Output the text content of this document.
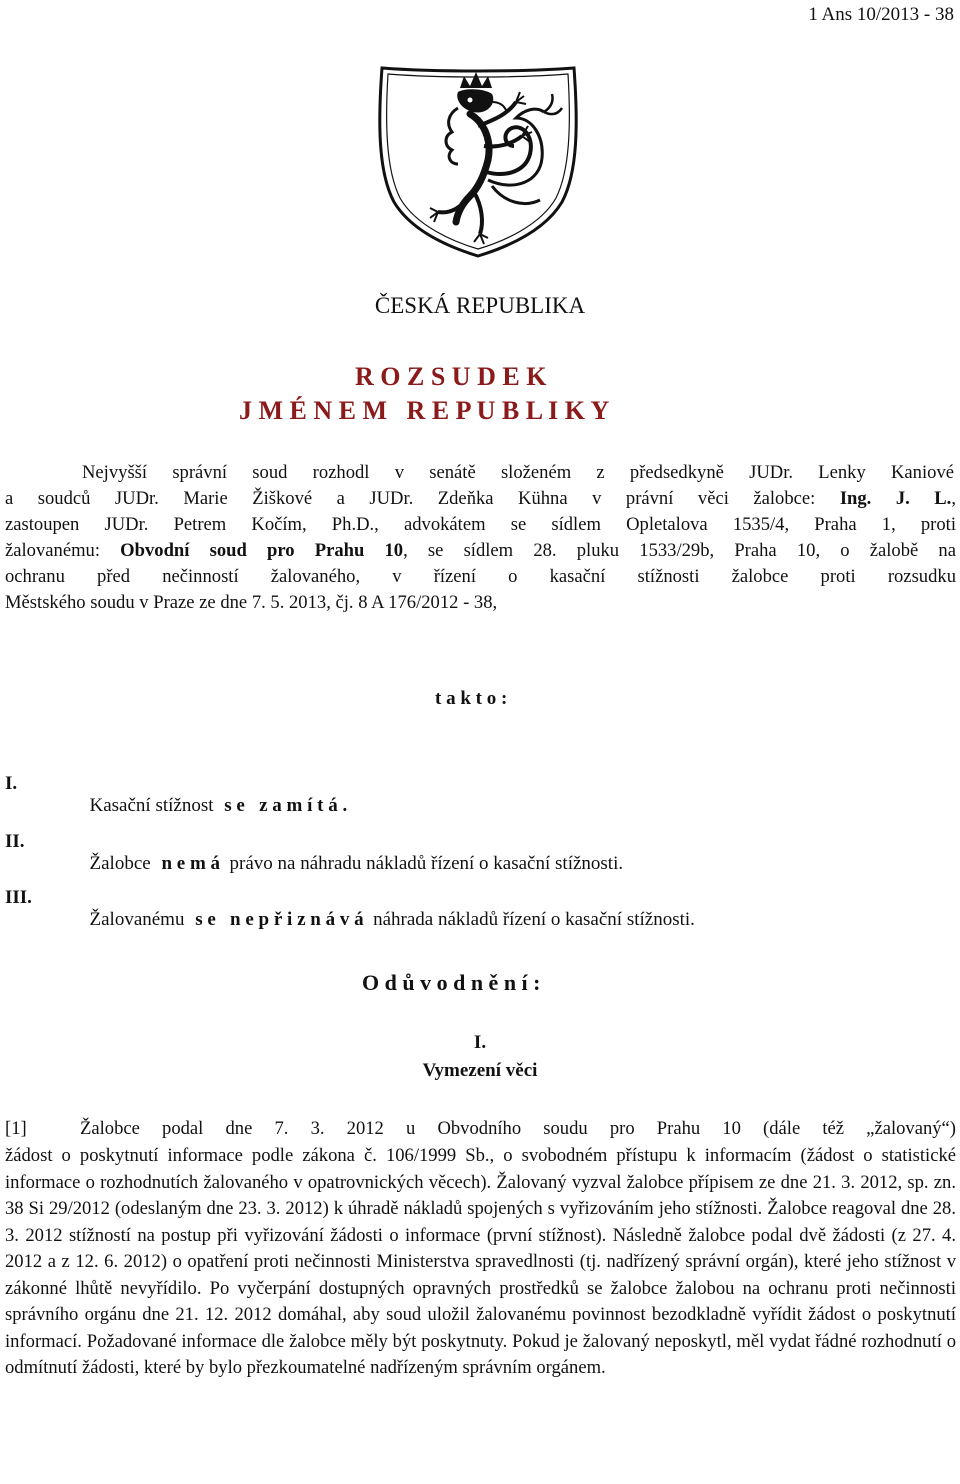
1 Ans 10/2013 - 38
ČESKÁ REPUBLIKA
R O Z S U D E K
J M É N E M   R E P U B L I K Y
Nejvyšší správní soud rozhodl v senátě složeném z předsedkyně JUDr. Lenky Kaniové
a soudců JUDr. Marie Žiškové a JUDr. Zdeňka Kühna v právní věci žalobce: Ing. J. L.,
zastoupen JUDr. Petrem Kočím, Ph.D., advokátem se sídlem Opletalova 1535/4, Praha 1, proti
žalovanému: Obvodní soud pro Prahu 10, se sídlem 28. pluku 1533/29b, Praha 10, o žalobě na
ochranu před nečinností žalovaného, v řízení o kasační stížnosti žalobce proti rozsudku
Městského soudu v Praze ze dne 7. 5. 2013, čj. 8 A 176/2012 - 38,
t a k t o :
I.

Kasační stížnost s e   z a m í t á .

II.

Žalobce n e m á  právo na náhradu nákladů řízení o kasační stížnosti.

III.

Žalovanému s e   n e p ř i z n á v á  náhrada nákladů řízení o kasační stížnosti.

O d ů v o d n ě n í :
I.
Vymezení věci
[1]	Žalobce podal dne 7. 3. 2012 u Obvodního soudu pro Prahu 10 (dále též „žalovaný“)

žádost o poskytnutí informace podle zákona č. 106/1999 Sb., o svobodném přístupu k informacím (žádost o statistické informace o rozhodnutích žalovaného v opatrovnických věcech). Žalovaný vyzval žalobce přípisem ze dne 21. 3. 2012, sp. zn. 38 Si 29/2012 (odeslaným dne 23. 3. 2012) k úhradě nákladů spojených s vyřizováním jeho stížnosti. Žalobce reagoval dne 28. 3. 2012 stížností na postup při vyřizování žádosti o informace (první stížnost). Následně žalobce podal dvě žádosti (z 27. 4. 2012 a z 12. 6. 2012) o opatření proti nečinnosti Ministerstva spravedlnosti (tj. nadřízený správní orgán), které jeho stížnost v zákonné lhůtě nevyřídilo. Po vyčerpání dostupných opravných prostředků se žalobce žalobou na ochranu proti nečinnosti správního orgánu dne 21. 12. 2012 domáhal, aby soud uložil žalovanému povinnost bezodkladně vyřídit žádost o poskytnutí informací. Požadované informace dle žalobce měly být poskytnuty. Pokud je žalovaný neposkytl, měl vydat řádné rozhodnutí o odmítnutí žádosti, které by bylo přezkoumatelné nadřízeným správním orgánem.
